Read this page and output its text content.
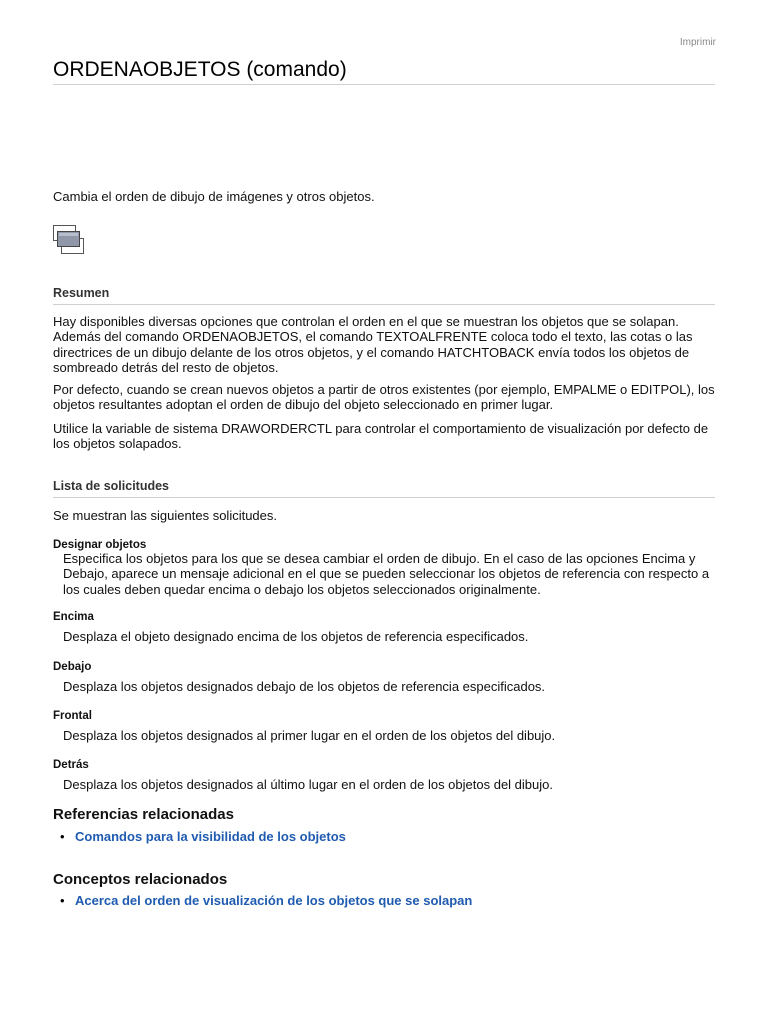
Imprimir
ORDENAOBJETOS (comando)

Cambia el orden de dibujo de imágenes y otros objetos.

Resumen

Hay disponibles diversas opciones que controlan el orden en el que se muestran los objetos que se solapan. Además del comando ORDENAOBJETOS, el comando TEXTOALFRENTE coloca todo el texto, las cotas o las directrices de un dibujo delante de los otros objetos, y el comando HATCHTOBACK envía todos los objetos de sombreado detrás del resto de objetos.

Por defecto, cuando se crean nuevos objetos a partir de otros existentes (por ejemplo, EMPALME o EDITPOL), los objetos resultantes adoptan el orden de dibujo del objeto seleccionado en primer lugar.

Utilice la variable de sistema DRAWORDERCTL para controlar el comportamiento de visualización por defecto de los objetos solapados.

Lista de solicitudes

Se muestran las siguientes solicitudes.

Designar objetos

Especifica los objetos para los que se desea cambiar el orden de dibujo. En el caso de las opciones Encima y Debajo, aparece un mensaje adicional en el que se pueden seleccionar los objetos de referencia con respecto a los cuales deben quedar encima o debajo los objetos seleccionados originalmente.

Encima

Desplaza el objeto designado encima de los objetos de referencia especificados.

Debajo

Desplaza los objetos designados debajo de los objetos de referencia especificados.

Frontal

Desplaza los objetos designados al primer lugar en el orden de los objetos del dibujo.

Detrás

Desplaza los objetos designados al último lugar en el orden de los objetos del dibujo.

Referencias relacionadas
• Comandos para la visibilidad de los objetos
Conceptos relacionados
• Acerca del orden de visualización de los objetos que se solapan
